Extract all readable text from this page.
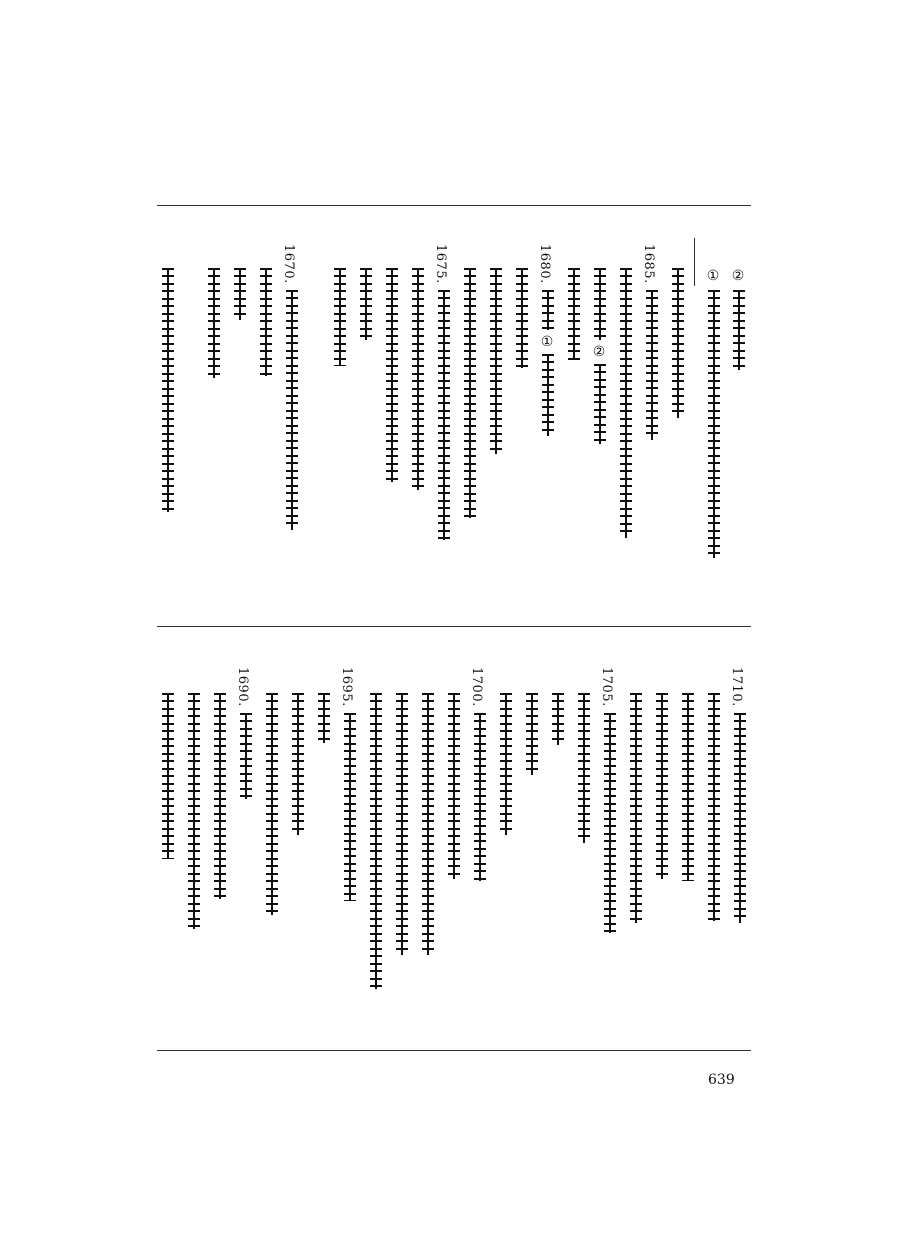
②
①
1685.
②
1680.
①
1675.
1670.
1710.
1705.
1700.
1695.
1690.
639
